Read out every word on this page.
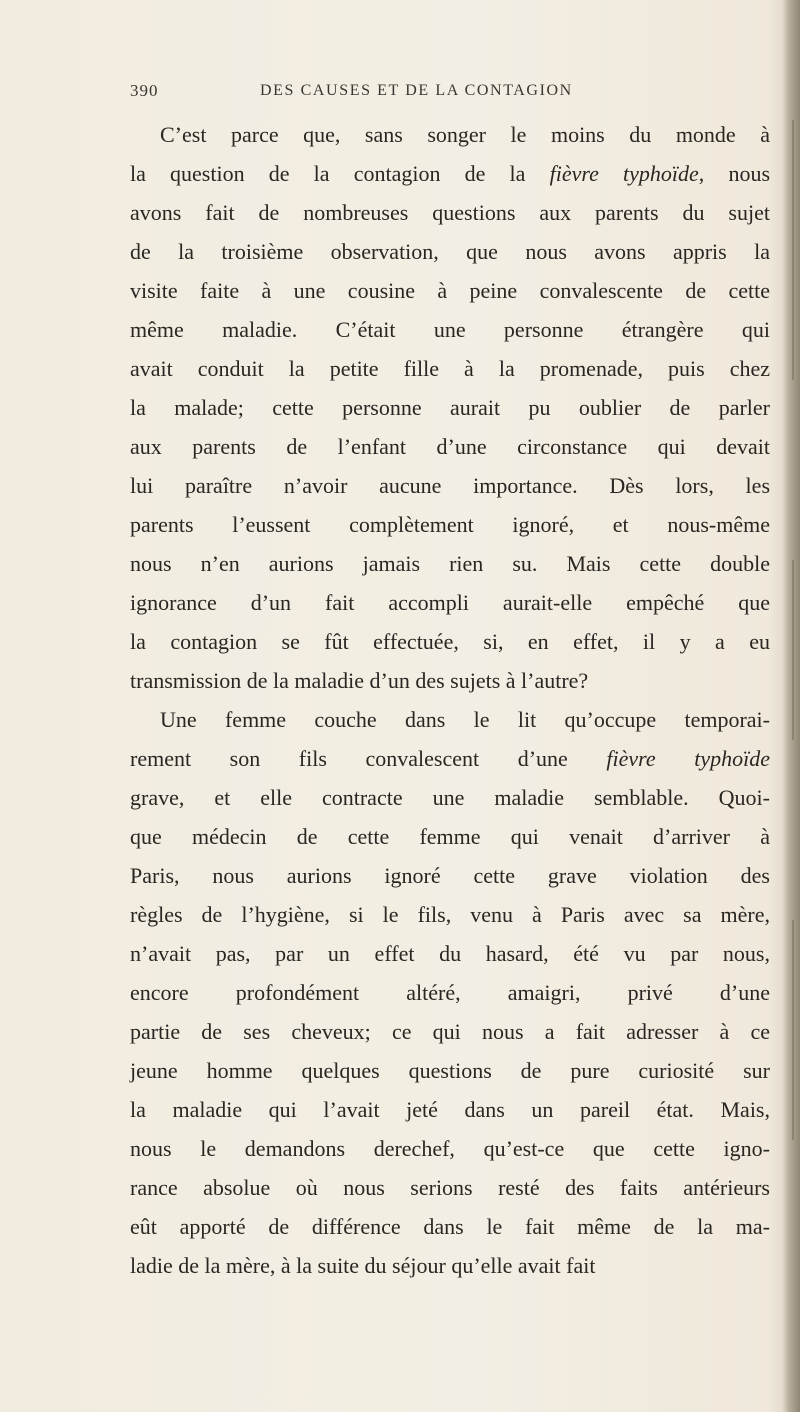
390	DES CAUSES ET DE LA CONTAGION
C’est parce que, sans songer le moins du monde à
la question de la contagion de la fièvre typhoïde, nous
avons fait de nombreuses questions aux parents du sujet
de la troisième observation, que nous avons appris la
visite faite à une cousine à peine convalescente de cette
même maladie. C’était une personne étrangère qui
avait conduit la petite fille à la promenade, puis chez
la malade; cette personne aurait pu oublier de parler
aux parents de l’enfant d’une circonstance qui devait
lui paraître n’avoir aucune importance. Dès lors, les
parents l’eussent complètement ignoré, et nous-même
nous n’en aurions jamais rien su. Mais cette double
ignorance d’un fait accompli aurait-elle empêché que
la contagion se fût effectuée, si, en effet, il y a eu
transmission de la maladie d’un des sujets à l’autre?
Une femme couche dans le lit qu’occupe temporai-
rement son fils convalescent d’une fièvre typhoïde
grave, et elle contracte une maladie semblable. Quoi-
que médecin de cette femme qui venait d’arriver à
Paris, nous aurions ignoré cette grave violation des
règles de l’hygiène, si le fils, venu à Paris avec sa mère,
n’avait pas, par un effet du hasard, été vu par nous,
encore profondément altéré, amaigri, privé d’une
partie de ses cheveux; ce qui nous a fait adresser à ce
jeune homme quelques questions de pure curiosité sur
la maladie qui l’avait jeté dans un pareil état. Mais,
nous le demandons derechef, qu’est-ce que cette igno-
rance absolue où nous serions resté des faits antérieurs
eût apporté de différence dans le fait même de la ma-
ladie de la mère, à la suite du séjour qu’elle avait fait
